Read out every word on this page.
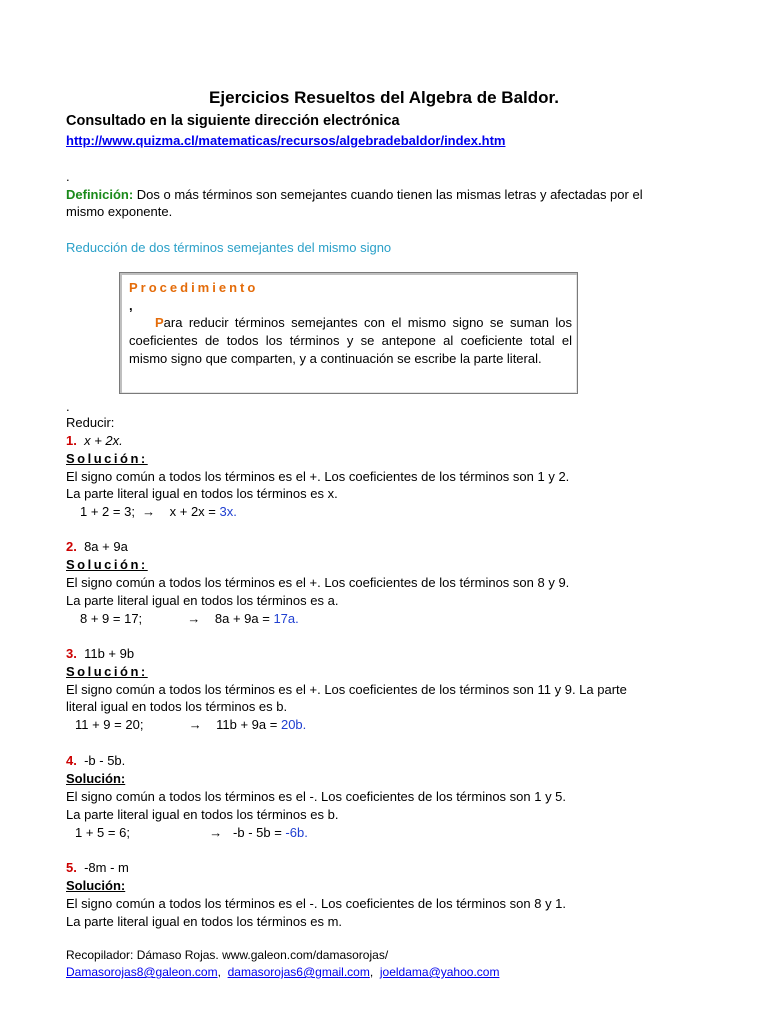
Ejercicios Resueltos del Algebra de Baldor.
Consultado en la siguiente dirección electrónica
http://www.quizma.cl/matematicas/recursos/algebradebaldor/index.htm
.
Definición: Dos o más términos son semejantes cuando tienen las mismas letras y afectadas por el
mismo exponente.
Reducción de dos términos semejantes del mismo signo
Procedimiento
,
Para reducir términos semejantes con el mismo signo se suman los coeficientes de todos los términos y se antepone al coeficiente total el mismo signo que comparten, y a continuación se escribe la parte literal.
.
Reducir:
1. x + 2x.
Solución:
El signo común a todos los términos es el +. Los coeficientes de los términos son 1 y 2.
La parte literal igual en todos los términos es x.
1 + 2 = 3; → x + 2x = 3x.
2. 8a + 9a
Solución:
El signo común a todos los términos es el +. Los coeficientes de los términos son 8 y 9.
La parte literal igual en todos los términos es a.
8 + 9 = 17;	→ 8a + 9a = 17a.
3. 11b + 9b
Solución:
El signo común a todos los términos es el +. Los coeficientes de los términos son 11 y 9. La parte
literal igual en todos los términos es b.
11 + 9 = 20;	→ 11b + 9a = 20b.
4. -b - 5b.
Solución:
El signo común a todos los términos es el -. Los coeficientes de los términos son 1 y 5.
La parte literal igual en todos los términos es b.
1 + 5 = 6;	→ -b - 5b = -6b.
5. -8m - m
Solución:
El signo común a todos los términos es el -. Los coeficientes de los términos son 8 y 1.
La parte literal igual en todos los términos es m.
Recopilador: Dámaso Rojas. www.galeon.com/damasorojas/
Damasorojas8@galeon.com, damasorojas6@gmail.com, joeldama@yahoo.com
